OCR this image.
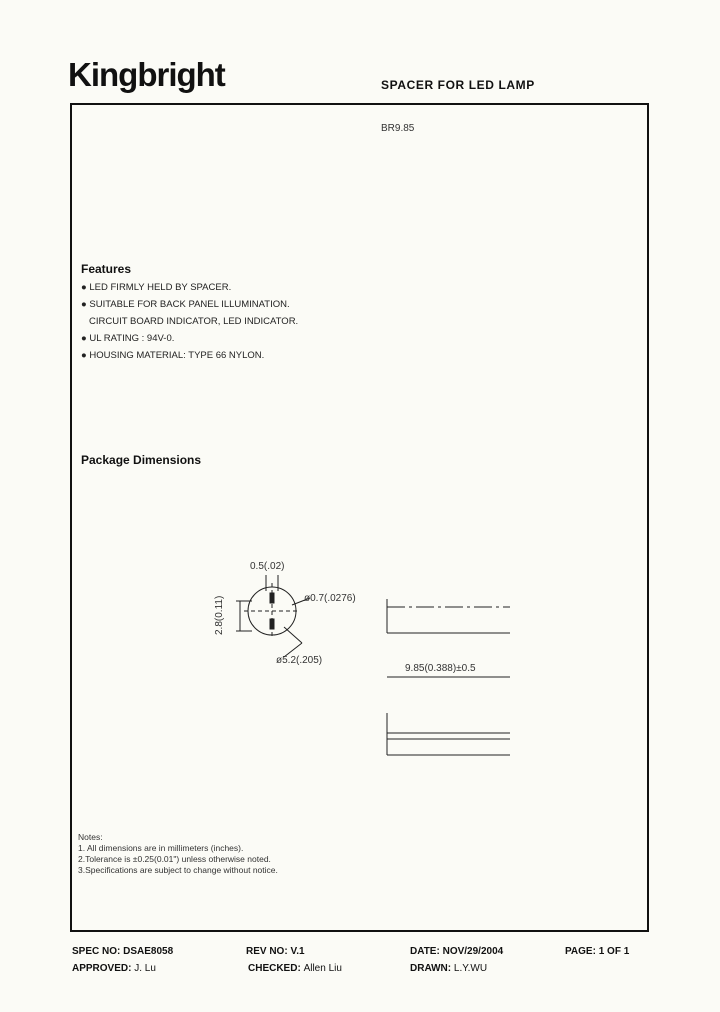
Kingbright	SPACER FOR LED LAMP
BR9.85
Features
● LED FIRMLY HELD BY SPACER.
● SUITABLE FOR BACK PANEL ILLUMINATION.
CIRCUIT BOARD INDICATOR, LED INDICATOR.
● UL RATING : 94V-0.
● HOUSING MATERIAL: TYPE 66 NYLON.
Package Dimensions
0.5(.02)
ø0.7(.0276)
2.8(0.11)
ø5.2(.205)
9.85(0.388)±0.5
Notes:
1. All dimensions are in millimeters (inches).
2.Tolerance is ±0.25(0.01") unless otherwise noted.
3.Specifications are subject to change without notice.
SPEC NO: DSAE8058	REV NO: V.1	DATE: NOV/29/2004	PAGE: 1 OF 1
APPROVED: J. Lu	CHECKED: Allen Liu	DRAWN: L.Y.WU
